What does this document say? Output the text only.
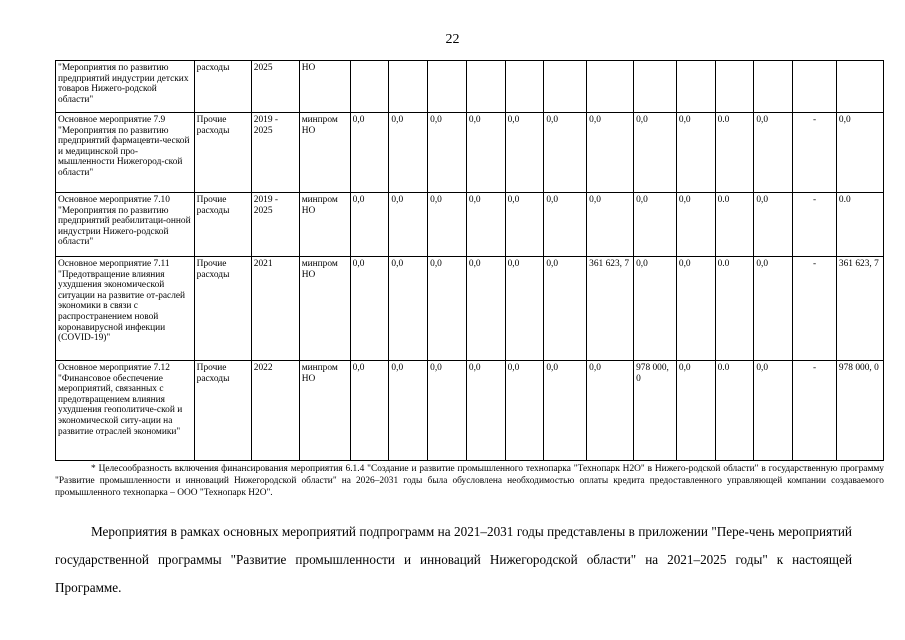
22
"Мероприятия по развитию предприятий индустрии детских товаров Нижего-родской области"	расходы	2025	НО													
Основное мероприятие 7.9 "Мероприятия по развитию предприятий фармацевти-ческой и медицинской про-мышленности Нижегород-ской области"	Прочие расходы	2019 - 2025	минпром НО	0,0	0,0	0,0	0,0	0,0	0,0	0,0	0,0	0,0	0.0	0,0	-	0,0
Основное мероприятие 7.10 "Мероприятия по развитию предприятий реабилитаци-онной индустрии Нижего-родской области"	Прочие расходы	2019 - 2025	минпром НО	0,0	0,0	0,0	0,0	0,0	0,0	0,0	0,0	0,0	0.0	0,0	-	0.0
Основное мероприятие 7.11 "Предотвращение влияния ухудшения экономической ситуации на развитие от-раслей экономики в связи с распространением новой коронавирусной инфекции (COVID-19)"	Прочие расходы	2021	минпром НО	0,0	0,0	0,0	0,0	0,0	0,0	361 623, 7	0,0	0,0	0.0	0,0	-	361 623, 7
Основное мероприятие 7.12 "Финансовое обеспечение мероприятий, связанных с предотвращением влияния ухудшения геополитиче-ской и экономической ситу-ации на развитие отраслей экономики"	Прочие расходы	2022	минпром НО	0,0	0,0	0,0	0,0	0,0	0,0	0,0	978 000, 0	0,0	0.0	0,0	-	978 000, 0
* Целесообразность включения финансирования мероприятия 6.1.4 "Создание и развитие промышленного технопарка "Технопарк Н2О" в Нижего-родской области" в государственную программу "Развитие промышленности и инноваций Нижегородской области" на 2026–2031 годы была обусловлена необходимостью оплаты кредита предоставленного управляющей компании создаваемого промышленного технопарка – ООО "Технопарк Н2О".
Мероприятия в рамках основных мероприятий подпрограмм на 2021–2031 годы представлены в приложении "Пере-чень мероприятий государственной программы "Развитие промышленности и инноваций Нижегородской области" на 2021–2025 годы" к настоящей Программе.
